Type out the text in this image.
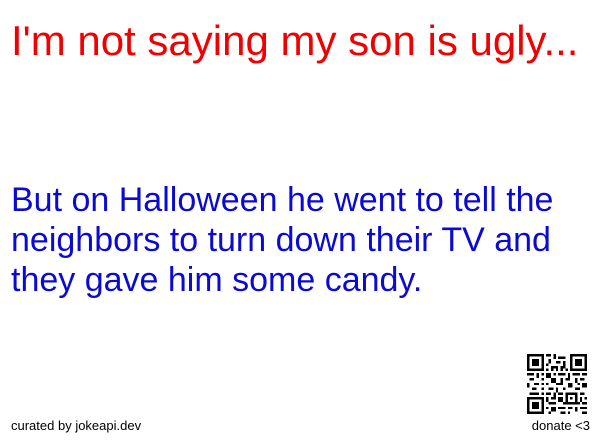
I'm not saying my son is ugly...

But on Halloween he went to tell the neighbors to turn down their TV and they gave him some candy.

curated by jokeapi.dev	donate <3
